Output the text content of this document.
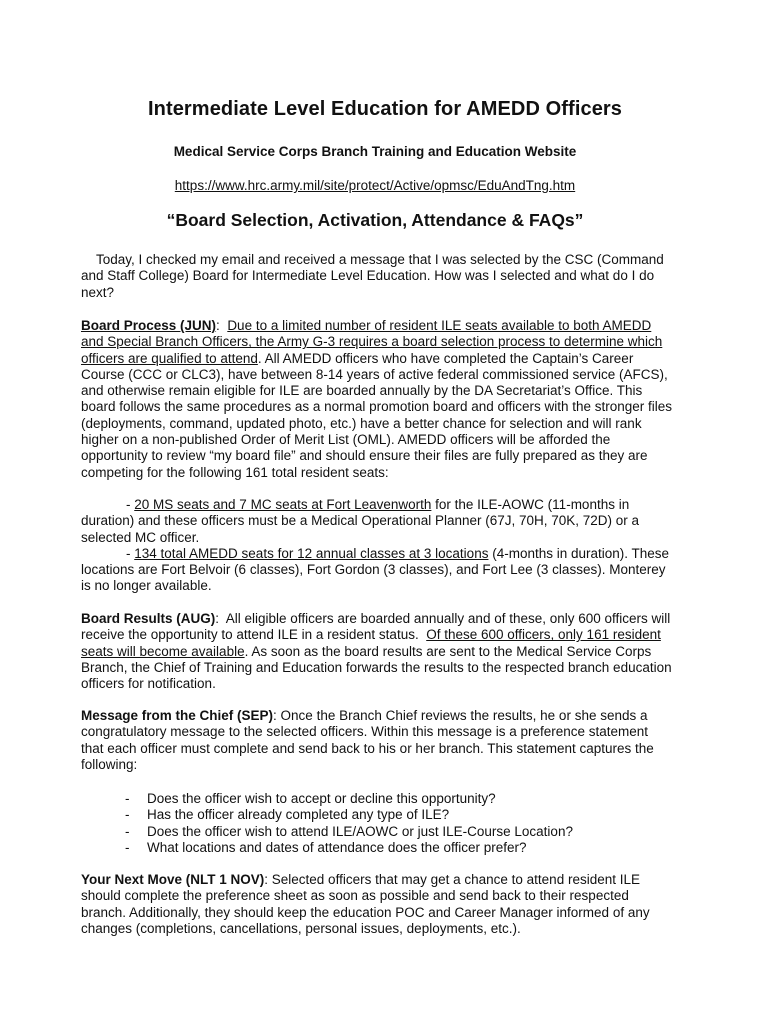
Intermediate Level Education for AMEDD Officers
Medical Service Corps Branch Training and Education Website
https://www.hrc.army.mil/site/protect/Active/opmsc/EduAndTng.htm
“Board Selection, Activation, Attendance & FAQs”

Today, I checked my email and received a message that I was selected by the CSC (Command and Staff College) Board for Intermediate Level Education. How was I selected and what do I do next?

Board Process (JUN):  Due to a limited number of resident ILE seats available to both AMEDD and Special Branch Officers, the Army G-3 requires a board selection process to determine which officers are qualified to attend. All AMEDD officers who have completed the Captain’s Career Course (CCC or CLC3), have between 8-14 years of active federal commissioned service (AFCS), and otherwise remain eligible for ILE are boarded annually by the DA Secretariat’s Office. This board follows the same procedures as a normal promotion board and officers with the stronger files (deployments, command, updated photo, etc.) have a better chance for selection and will rank higher on a non-published Order of Merit List (OML). AMEDD officers will be afforded the opportunity to review “my board file” and should ensure their files are fully prepared as they are competing for the following 161 total resident seats:

- 20 MS seats and 7 MC seats at Fort Leavenworth for the ILE-AOWC (11-months in duration) and these officers must be a Medical Operational Planner (67J, 70H, 70K, 72D) or a selected MC officer.

- 134 total AMEDD seats for 12 annual classes at 3 locations (4-months in duration). These locations are Fort Belvoir (6 classes), Fort Gordon (3 classes), and Fort Lee (3 classes). Monterey is no longer available.

Board Results (AUG):  All eligible officers are boarded annually and of these, only 600 officers will receive the opportunity to attend ILE in a resident status.  Of these 600 officers, only 161 resident seats will become available. As soon as the board results are sent to the Medical Service Corps Branch, the Chief of Training and Education forwards the results to the respected branch education officers for notification.

Message from the Chief (SEP): Once the Branch Chief reviews the results, he or she sends a congratulatory message to the selected officers. Within this message is a preference statement that each officer must complete and send back to his or her branch. This statement captures the following:

- Does the officer wish to accept or decline this opportunity?
- Has the officer already completed any type of ILE?
- Does the officer wish to attend ILE/AOWC or just ILE-Course Location?
- What locations and dates of attendance does the officer prefer?

Your Next Move (NLT 1 NOV): Selected officers that may get a chance to attend resident ILE should complete the preference sheet as soon as possible and send back to their respected branch. Additionally, they should keep the education POC and Career Manager informed of any changes (completions, cancellations, personal issues, deployments, etc.).
